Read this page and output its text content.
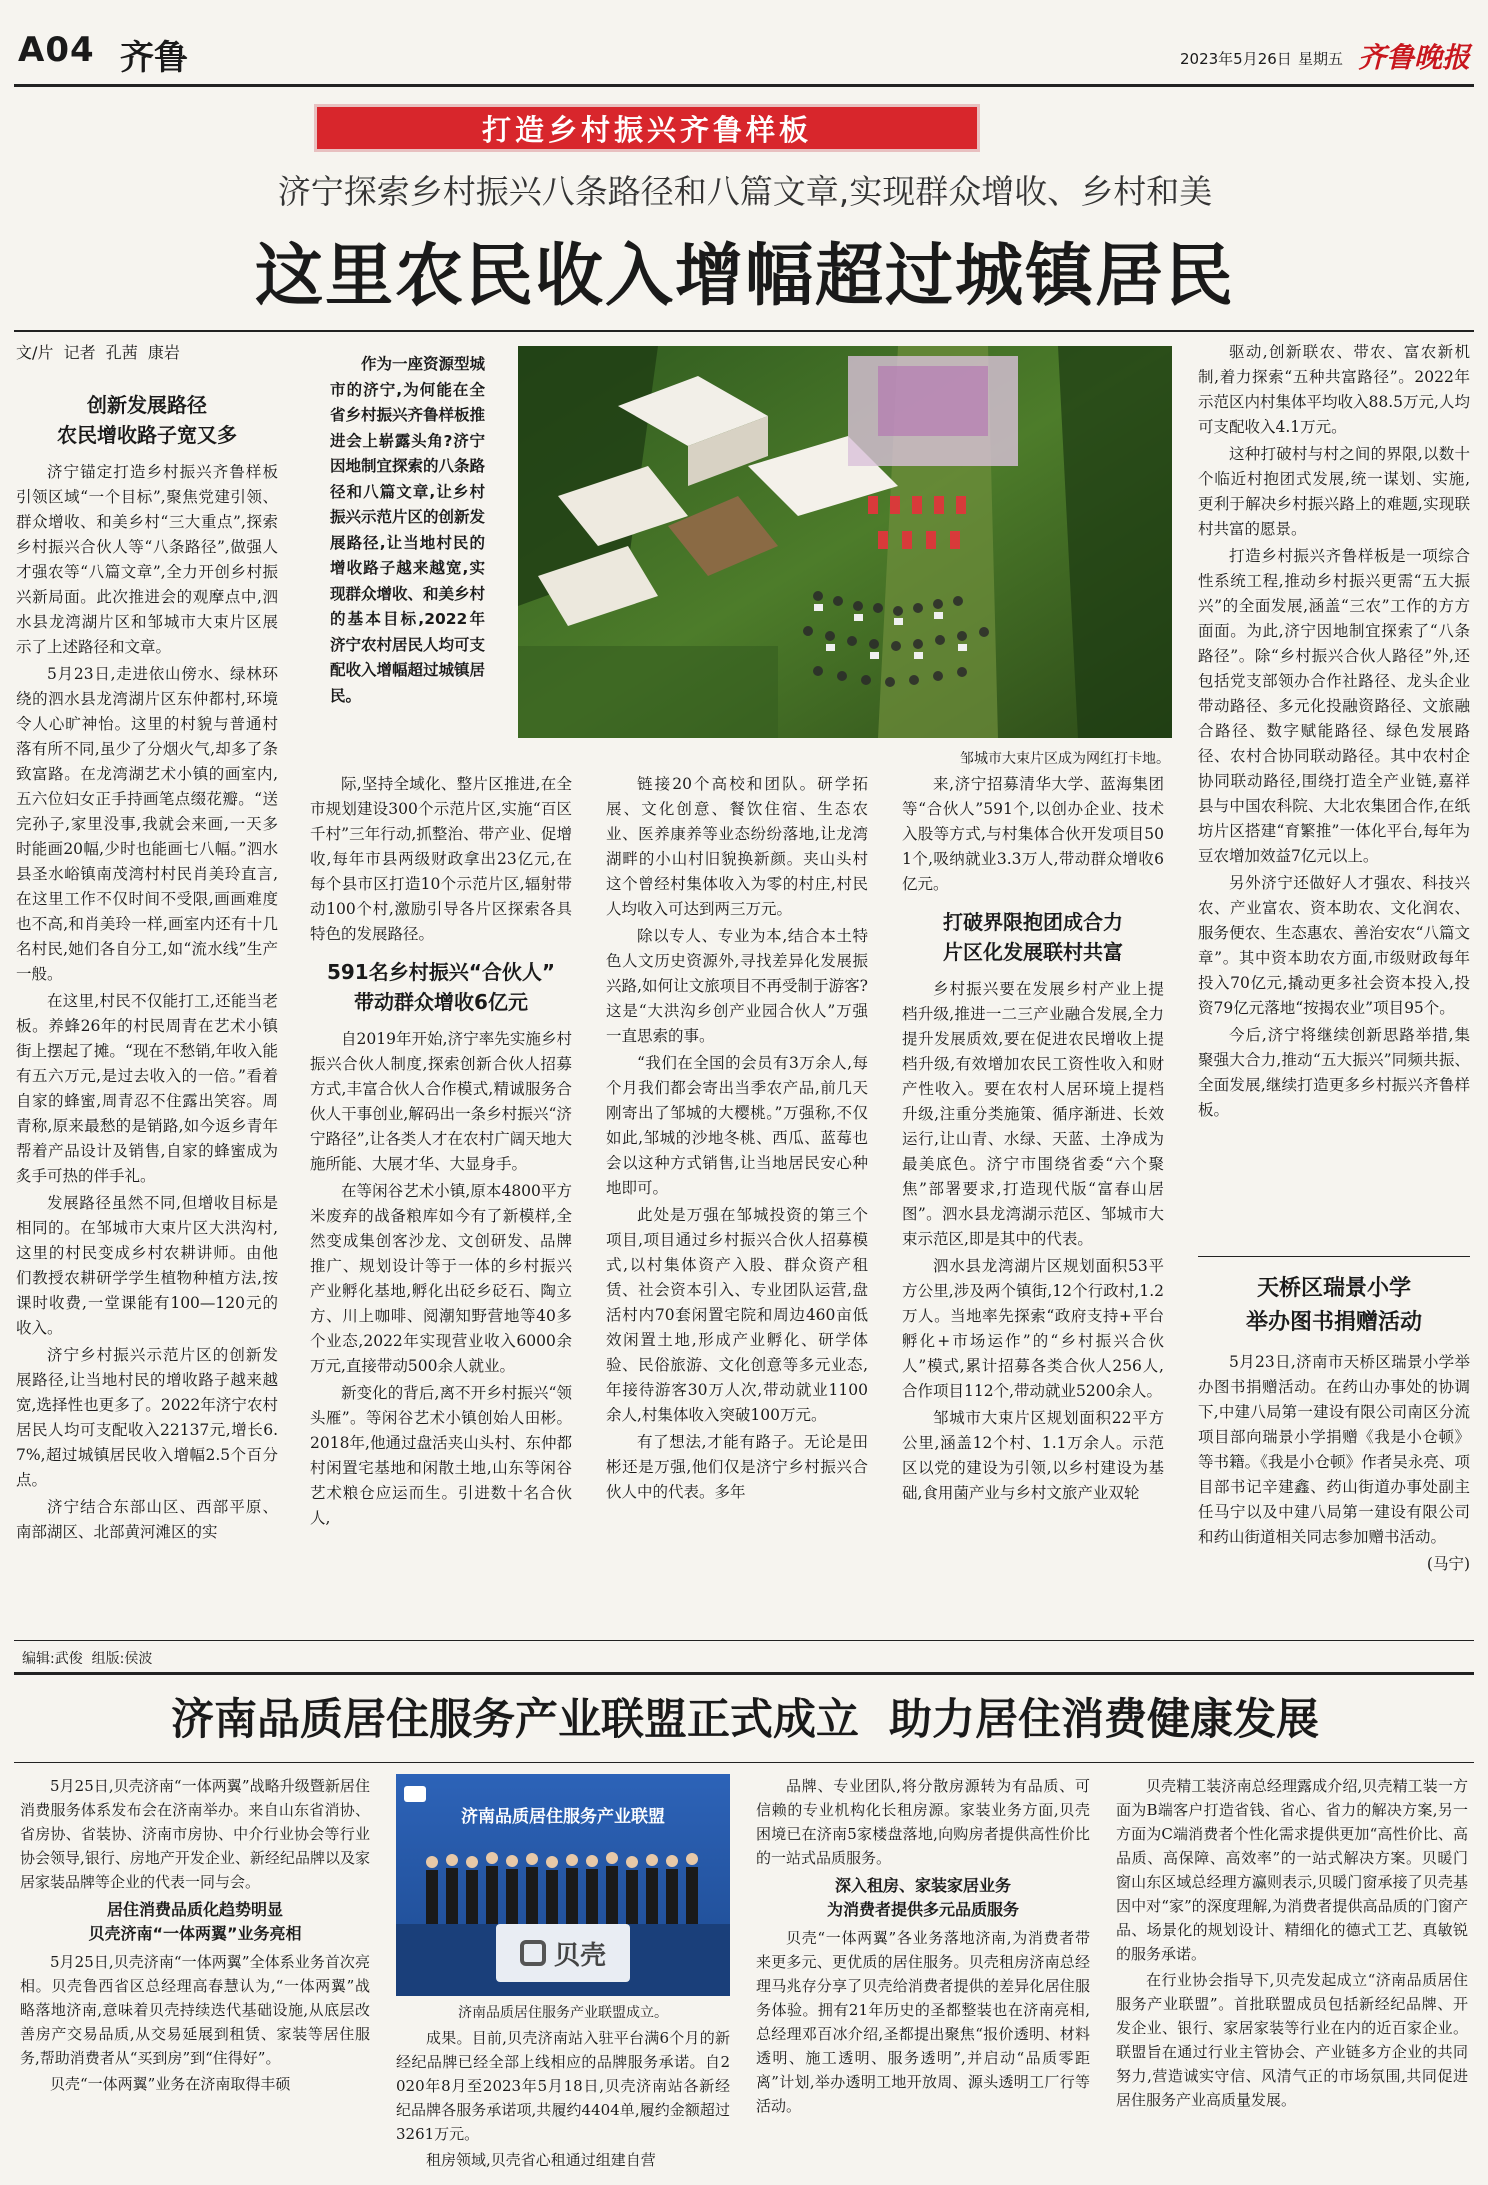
A04 齐鲁	2023年5月26日 星期五 齐鲁晚报
打造乡村振兴齐鲁样板
济宁探索乡村振兴八条路径和八篇文章,实现群众增收、乡村和美
这里农民收入增幅超过城镇居民
文/片  记者  孔茜  康岩
创新发展路径
农民增收路子宽又多

济宁锚定打造乡村振兴齐鲁样板引领区域“一个目标”,聚焦党建引领、群众增收、和美乡村“三大重点”,探索乡村振兴合伙人等“八条路径”,做强人才强农等“八篇文章”,全力开创乡村振兴新局面。此次推进会的观摩点中,泗水县龙湾湖片区和邹城市大束片区展示了上述路径和文章。

5月23日,走进依山傍水、绿林环绕的泗水县龙湾湖片区东仲都村,环境令人心旷神怡。这里的村貌与普通村落有所不同,虽少了分烟火气,却多了条致富路。在龙湾湖艺术小镇的画室内,五六位妇女正手持画笔点缀花瓣。“送完孙子,家里没事,我就会来画,一天多时能画20幅,少时也能画七八幅。”泗水县圣水峪镇南茂湾村村民肖美玲直言,在这里工作不仅时间不受限,画画难度也不高,和肖美玲一样,画室内还有十几名村民,她们各自分工,如“流水线”生产一般。

在这里,村民不仅能打工,还能当老板。养蜂26年的村民周青在艺术小镇街上摆起了摊。“现在不愁销,年收入能有五六万元,是过去收入的一倍。”看着自家的蜂蜜,周青忍不住露出笑容。周青称,原来最愁的是销路,如今返乡青年帮着产品设计及销售,自家的蜂蜜成为炙手可热的伴手礼。

发展路径虽然不同,但增收目标是相同的。在邹城市大束片区大洪沟村,这里的村民变成乡村农耕讲师。由他们教授农耕研学学生植物种植方法,按课时收费,一堂课能有100—120元的收入。

济宁乡村振兴示范片区的创新发展路径,让当地村民的增收路子越来越宽,选择性也更多了。2022年济宁农村居民人均可支配收入22137元,增长6.7%,超过城镇居民收入增幅2.5个百分点。

济宁结合东部山区、西部平原、南部湖区、北部黄河滩区的实

作为一座资源型城市的济宁,为何能在全省乡村振兴齐鲁样板推进会上崭露头角?济宁因地制宜探索的八条路径和八篇文章,让乡村振兴示范片区的创新发展路径,让当地村民的增收路子越来越宽,实现群众增收、和美乡村的基本目标,2022年济宁农村居民人均可支配收入增幅超过城镇居民。

邹城市大束片区成为网红打卡地。

际,坚持全域化、整片区推进,在全市规划建设300个示范片区,实施“百区千村”三年行动,抓整治、带产业、促增收,每年市县两级财政拿出23亿元,在每个县市区打造10个示范片区,辐射带动100个村,激励引导各片区探索各具特色的发展路径。

591名乡村振兴“合伙人”
带动群众增收6亿元

自2019年开始,济宁率先实施乡村振兴合伙人制度,探索创新合伙人招募方式,丰富合伙人合作模式,精诚服务合伙人干事创业,解码出一条乡村振兴“济宁路径”,让各类人才在农村广阔天地大施所能、大展才华、大显身手。

在等闲谷艺术小镇,原本4800平方米废弃的战备粮库如今有了新模样,全然变成集创客沙龙、文创研发、品牌推广、规划设计等于一体的乡村振兴产业孵化基地,孵化出砭乡砭石、陶立方、川上咖啡、阅潮知野营地等40多个业态,2022年实现营业收入6000余万元,直接带动500余人就业。

新变化的背后,离不开乡村振兴“领头雁”。等闲谷艺术小镇创始人田彬。2018年,他通过盘活夹山头村、东仲都村闲置宅基地和闲散土地,山东等闲谷艺术粮仓应运而生。引进数十名合伙人,

链接20个高校和团队。研学拓展、文化创意、餐饮住宿、生态农业、医养康养等业态纷纷落地,让龙湾湖畔的小山村旧貌换新颜。夹山头村这个曾经村集体收入为零的村庄,村民人均收入可达到两三万元。

除以专人、专业为本,结合本土特色人文历史资源外,寻找差异化发展振兴路,如何让文旅项目不再受制于游客?这是“大洪沟乡创产业园合伙人”万强一直思索的事。

“我们在全国的会员有3万余人,每个月我们都会寄出当季农产品,前几天刚寄出了邹城的大樱桃。”万强称,不仅如此,邹城的沙地冬桃、西瓜、蓝莓也会以这种方式销售,让当地居民安心种地即可。

此处是万强在邹城投资的第三个项目,项目通过乡村振兴合伙人招募模式,以村集体资产入股、群众资产租赁、社会资本引入、专业团队运营,盘活村内70套闲置宅院和周边460亩低效闲置土地,形成产业孵化、研学体验、民俗旅游、文化创意等多元业态,年接待游客30万人次,带动就业1100余人,村集体收入突破100万元。

有了想法,才能有路子。无论是田彬还是万强,他们仅是济宁乡村振兴合伙人中的代表。多年

来,济宁招募清华大学、蓝海集团等“合伙人”591个,以创办企业、技术入股等方式,与村集体合伙开发项目501个,吸纳就业3.3万人,带动群众增收6亿元。

打破界限抱团成合力
片区化发展联村共富

乡村振兴要在发展乡村产业上提档升级,推进一二三产业融合发展,全力提升发展质效,要在促进农民增收上提档升级,有效增加农民工资性收入和财产性收入。要在农村人居环境上提档升级,注重分类施策、循序渐进、长效运行,让山青、水绿、天蓝、土净成为最美底色。济宁市围绕省委“六个聚焦”部署要求,打造现代版“富春山居图”。泗水县龙湾湖示范区、邹城市大束示范区,即是其中的代表。

泗水县龙湾湖片区规划面积53平方公里,涉及两个镇街,12个行政村,1.2万人。当地率先探索“政府支持+平台孵化+市场运作”的“乡村振兴合伙人”模式,累计招募各类合伙人256人,合作项目112个,带动就业5200余人。

邹城市大束片区规划面积22平方公里,涵盖12个村、1.1万余人。示范区以党的建设为引领,以乡村建设为基础,食用菌产业与乡村文旅产业双轮

驱动,创新联农、带农、富农新机制,着力探索“五种共富路径”。2022年示范区内村集体平均收入88.5万元,人均可支配收入4.1万元。

这种打破村与村之间的界限,以数十个临近村抱团式发展,统一谋划、实施,更利于解决乡村振兴路上的难题,实现联村共富的愿景。

打造乡村振兴齐鲁样板是一项综合性系统工程,推动乡村振兴更需“五大振兴”的全面发展,涵盖“三农”工作的方方面面。为此,济宁因地制宜探索了“八条路径”。除“乡村振兴合伙人路径”外,还包括党支部领办合作社路径、龙头企业带动路径、多元化投融资路径、文旅融合路径、数字赋能路径、绿色发展路径、农村合协同联动路径。其中农村企协同联动路径,围绕打造全产业链,嘉祥县与中国农科院、大北农集团合作,在纸坊片区搭建“育繁推”一体化平台,每年为豆农增加效益7亿元以上。

另外济宁还做好人才强农、科技兴农、产业富农、资本助农、文化润农、服务便农、生态惠农、善治安农“八篇文章”。其中资本助农方面,市级财政每年投入70亿元,撬动更多社会资本投入,投资79亿元落地“按揭农业”项目95个。

今后,济宁将继续创新思路举措,集聚强大合力,推动“五大振兴”同频共振、全面发展,继续打造更多乡村振兴齐鲁样板。

天桥区瑞景小学
举办图书捐赠活动

5月23日,济南市天桥区瑞景小学举办图书捐赠活动。在药山办事处的协调下,中建八局第一建设有限公司南区分流项目部向瑞景小学捐赠《我是小仓顿》等书籍。《我是小仓顿》作者吴永亮、项目部书记辛建鑫、药山街道办事处副主任马宁以及中建八局第一建设有限公司和药山街道相关同志参加赠书活动。

(马宁)
编辑:武俊  组版:侯波
济南品质居住服务产业联盟正式成立  助力居住消费健康发展

5月25日,贝壳济南“一体两翼”战略升级暨新居住消费服务体系发布会在济南举办。来自山东省消协、省房协、省装协、济南市房协、中介行业协会等行业协会领导,银行、房地产开发企业、新经纪品牌以及家居家装品牌等企业的代表一同与会。

居住消费品质化趋势明显
贝壳济南“一体两翼”业务亮相

5月25日,贝壳济南“一体两翼”全体系业务首次亮相。贝壳鲁西省区总经理高春慧认为,“一体两翼”战略落地济南,意味着贝壳持续迭代基础设施,从底层改善房产交易品质,从交易延展到租赁、家装等居住服务,帮助消费者从“买到房”到“住得好”。

贝壳“一体两翼”业务在济南取得丰硕

济南品质居住服务产业联盟
贝壳
济南品质居住服务产业联盟成立。

成果。目前,贝壳济南站入驻平台满6个月的新经纪品牌已经全部上线相应的品牌服务承诺。自2020年8月至2023年5月18日,贝壳济南站各新经纪品牌各服务承诺项,共履约4404单,履约金额超过3261万元。

租房领域,贝壳省心租通过组建自营

品牌、专业团队,将分散房源转为有品质、可信赖的专业机构化长租房源。家装业务方面,贝壳困境已在济南5家楼盘落地,向购房者提供高性价比的一站式品质服务。

深入租房、家装家居业务
为消费者提供多元品质服务

贝壳“一体两翼”各业务落地济南,为消费者带来更多元、更优质的居住服务。贝壳租房济南总经理马兆存分享了贝壳给消费者提供的差异化居住服务体验。拥有21年历史的圣都整装也在济南亮相,总经理邓百冰介绍,圣都提出聚焦“报价透明、材料透明、施工透明、服务透明”,并启动“品质零距离”计划,举办透明工地开放周、源头透明工厂行等活动。

贝壳精工装济南总经理露成介绍,贝壳精工装一方面为B端客户打造省钱、省心、省力的解决方案,另一方面为C端消费者个性化需求提供更加“高性价比、高品质、高保障、高效率”的一站式解决方案。贝暖门窗山东区域总经理方瀛则表示,贝暖门窗承接了贝壳基因中对“家”的深度理解,为消费者提供高品质的门窗产品、场景化的规划设计、精细化的德式工艺、真敏锐的服务承诺。

在行业协会指导下,贝壳发起成立“济南品质居住服务产业联盟”。首批联盟成员包括新经纪品牌、开发企业、银行、家居家装等行业在内的近百家企业。联盟旨在通过行业主管协会、产业链多方企业的共同努力,营造诚实守信、风清气正的市场氛围,共同促进居住服务产业高质量发展。
